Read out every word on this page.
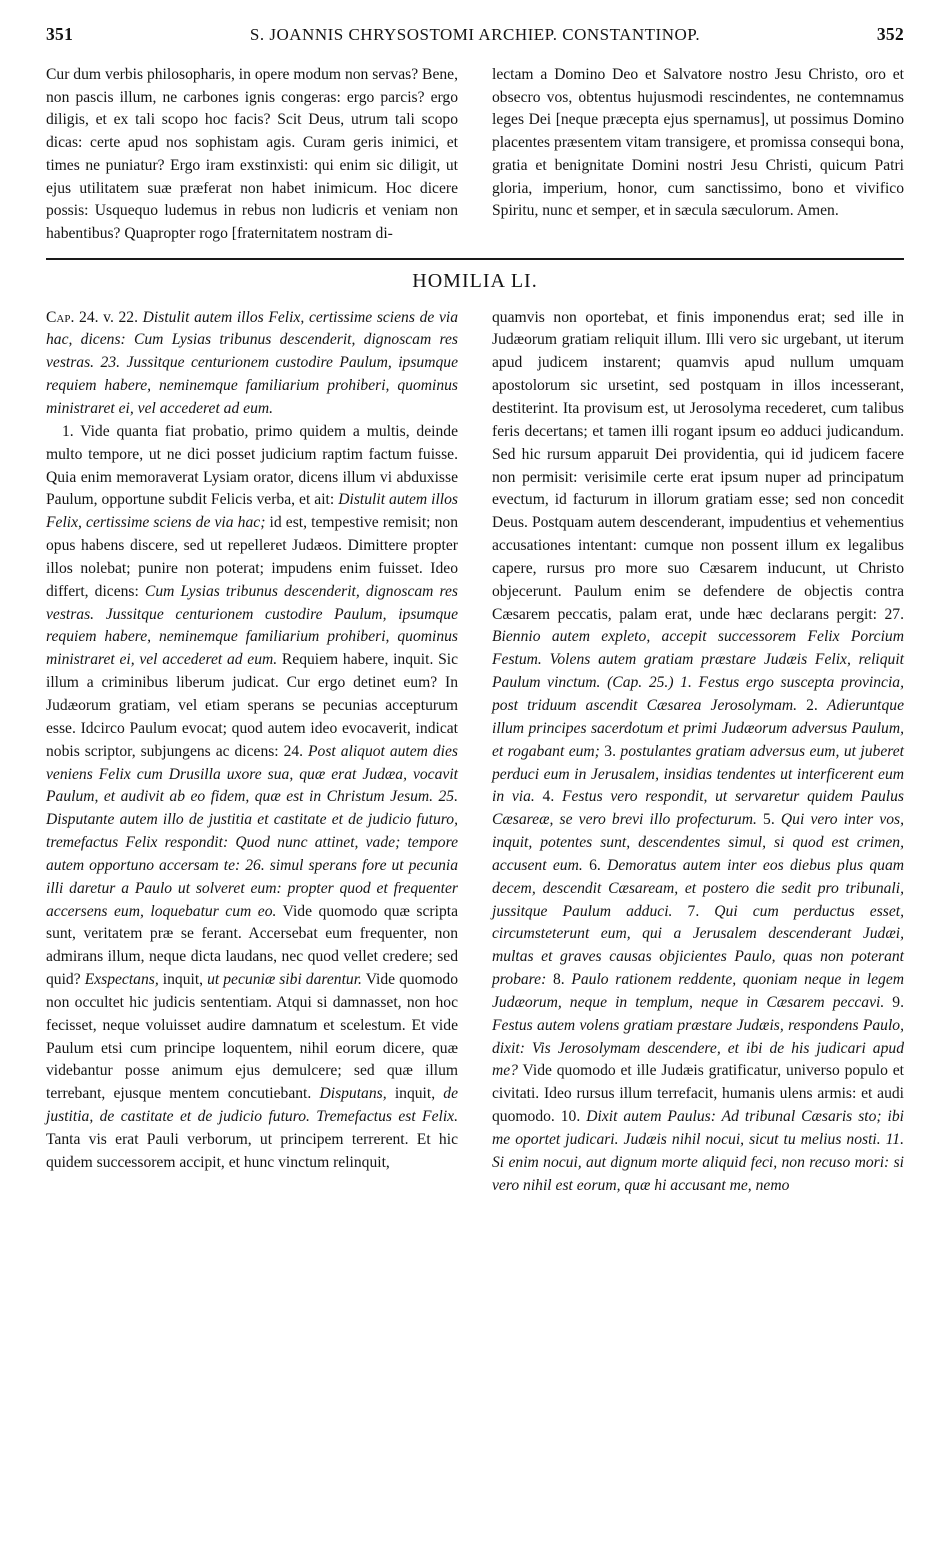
351	S. JOANNIS CHRYSOSTOMI ARCHIEP. CONSTANTINOP.	352

Cur dum verbis philosopharis, in opere modum non servas? Bene, non pascis illum, ne carbones ignis congeras: ergo parcis? ergo diligis, et ex tali scopo hoc facis? Scit Deus, utrum tali scopo dicas: certe apud nos sophistam agis. Curam geris inimici, et times ne puniatur? Ergo iram exstinxisti: qui enim sic diligit, ut ejus utilitatem suæ præferat non habet inimicum. Hoc dicere possis: Usquequo ludemus in rebus non ludicris et veniam non habentibus? Quapropter rogo [fraternitatem nostram di-

lectam a Domino Deo et Salvatore nostro Jesu Christo, oro et obsecro vos, obtentus hujusmodi rescindentes, ne contemnamus leges Dei [neque præcepta ejus spernamus], ut possimus Domino placentes præsentem vitam transigere, et promissa consequi bona, gratia et benignitate Domini nostri Jesu Christi, quicum Patri gloria, imperium, honor, cum sanctissimo, bono et vivifico Spiritu, nunc et semper, et in sæcula sæculorum. Amen.

HOMILIA LI.

Cap. 24. v. 22. Distulit autem illos Felix, certissime sciens de via hac, dicens: Cum Lysias tribunus descenderit, dignoscam res vestras. 23. Jussitque centurionem custodire Paulum, ipsumque requiem habere, neminemque familiarium prohiberi, quominus ministraret ei, vel accederet ad eum.

1. Vide quanta fiat probatio, primo quidem a multis, deinde multo tempore, ut ne dici posset judicium raptim factum fuisse. Quia enim memoraverat Lysiam orator, dicens illum vi abduxisse Paulum, opportune subdit Felicis verba, et ait: Distulit autem illos Felix, certissime sciens de via hac; id est, tempestive remisit; non opus habens discere, sed ut repelleret Judæos. Dimittere propter illos nolebat; punire non poterat; impudens enim fuisset. Ideo differt, dicens: Cum Lysias tribunus descenderit, dignoscam res vestras. Jussitque centurionem custodire Paulum, ipsumque requiem habere, neminemque familiarium prohiberi, quominus ministraret ei, vel accederet ad eum. Requiem habere, inquit. Sic illum a criminibus liberum judicat. Cur ergo detinet eum? In Judæorum gratiam, vel etiam sperans se pecunias accepturum esse. Idcirco Paulum evocat; quod autem ideo evocaverit, indicat nobis scriptor, subjungens ac dicens: 24. Post aliquot autem dies veniens Felix cum Drusilla uxore sua, quæ erat Judæa, vocavit Paulum, et audivit ab eo fidem, quæ est in Christum Jesum. 25. Disputante autem illo de justitia et castitate et de judicio futuro, tremefactus Felix respondit: Quod nunc attinet, vade; tempore autem opportuno accersam te: 26. simul sperans fore ut pecunia illi daretur a Paulo ut solveret eum: propter quod et frequenter accersens eum, loquebatur cum eo. Vide quomodo quæ scripta sunt, veritatem præ se ferant. Accersebat eum frequenter, non admirans illum, neque dicta laudans, nec quod vellet credere; sed quid? Exspectans, inquit, ut pecuniæ sibi darentur. Vide quomodo non occultet hic judicis sententiam. Atqui si damnasset, non hoc fecisset, neque voluisset audire damnatum et scelestum. Et vide Paulum etsi cum principe loquentem, nihil eorum dicere, quæ videbantur posse animum ejus demulcere; sed quæ illum terrebant, ejusque mentem concutiebant. Disputans, inquit, de justitia, de castitate et de judicio futuro. Tremefactus est Felix. Tanta vis erat Pauli verborum, ut principem terrerent. Et hic quidem successorem accipit, et hunc vinctum relinquit,

quamvis non oportebat, et finis imponendus erat; sed ille in Judæorum gratiam reliquit illum. Illi vero sic urgebant, ut iterum apud judicem instarent; quamvis apud nullum umquam apostolorum sic ursetint, sed postquam in illos incesserant, destiterint. Ita provisum est, ut Jerosolyma recederet, cum talibus feris decertans; et tamen illi rogant ipsum eo adduci judicandum. Sed hic rursum apparuit Dei providentia, qui id judicem facere non permisit: verisimile certe erat ipsum nuper ad principatum evectum, id facturum in illorum gratiam esse; sed non concedit Deus. Postquam autem descenderant, impudentius et vehementius accusationes intentant: cumque non possent illum ex legalibus capere, rursus pro more suo Cæsarem inducunt, ut Christo objecerunt. Paulum enim se defendere de objectis contra Cæsarem peccatis, palam erat, unde hæc declarans pergit: 27. Biennio autem expleto, accepit successorem Felix Porcium Festum. Volens autem gratiam præstare Judæis Felix, reliquit Paulum vinctum. (Cap. 25.) 1. Festus ergo suscepta provincia, post triduum ascendit Cæsarea Jerosolymam. 2. Adieruntque illum principes sacerdotum et primi Judæorum adversus Paulum, et rogabant eum; 3. postulantes gratiam adversus eum, ut juberet perduci eum in Jerusalem, insidias tendentes ut interficerent eum in via. 4. Festus vero respondit, ut servaretur quidem Paulus Cæsareæ, se vero brevi illo profecturum. 5. Qui vero inter vos, inquit, potentes sunt, descendentes simul, si quod est crimen, accusent eum. 6. Demoratus autem inter eos diebus plus quam decem, descendit Cæsaream, et postero die sedit pro tribunali, jussitque Paulum adduci. 7. Qui cum perductus esset, circumsteterunt eum, qui a Jerusalem descenderant Judæi, multas et graves causas objicientes Paulo, quas non poterant probare: 8. Paulo rationem reddente, quoniam neque in legem Judæorum, neque in templum, neque in Cæsarem peccavi. 9. Festus autem volens gratiam præstare Judæis, respondens Paulo, dixit: Vis Jerosolymam descendere, et ibi de his judicari apud me? Vide quomodo et ille Judæis gratificatur, universo populo et civitati. Ideo rursus illum terrefacit, humanis ulens armis: et audi quomodo. 10. Dixit autem Paulus: Ad tribunal Cæsaris sto; ibi me oportet judicari. Judæis nihil nocui, sicut tu melius nosti. 11. Si enim nocui, aut dignum morte aliquid feci, non recuso mori: si vero nihil est eorum, quæ hi accusant me, nemo
